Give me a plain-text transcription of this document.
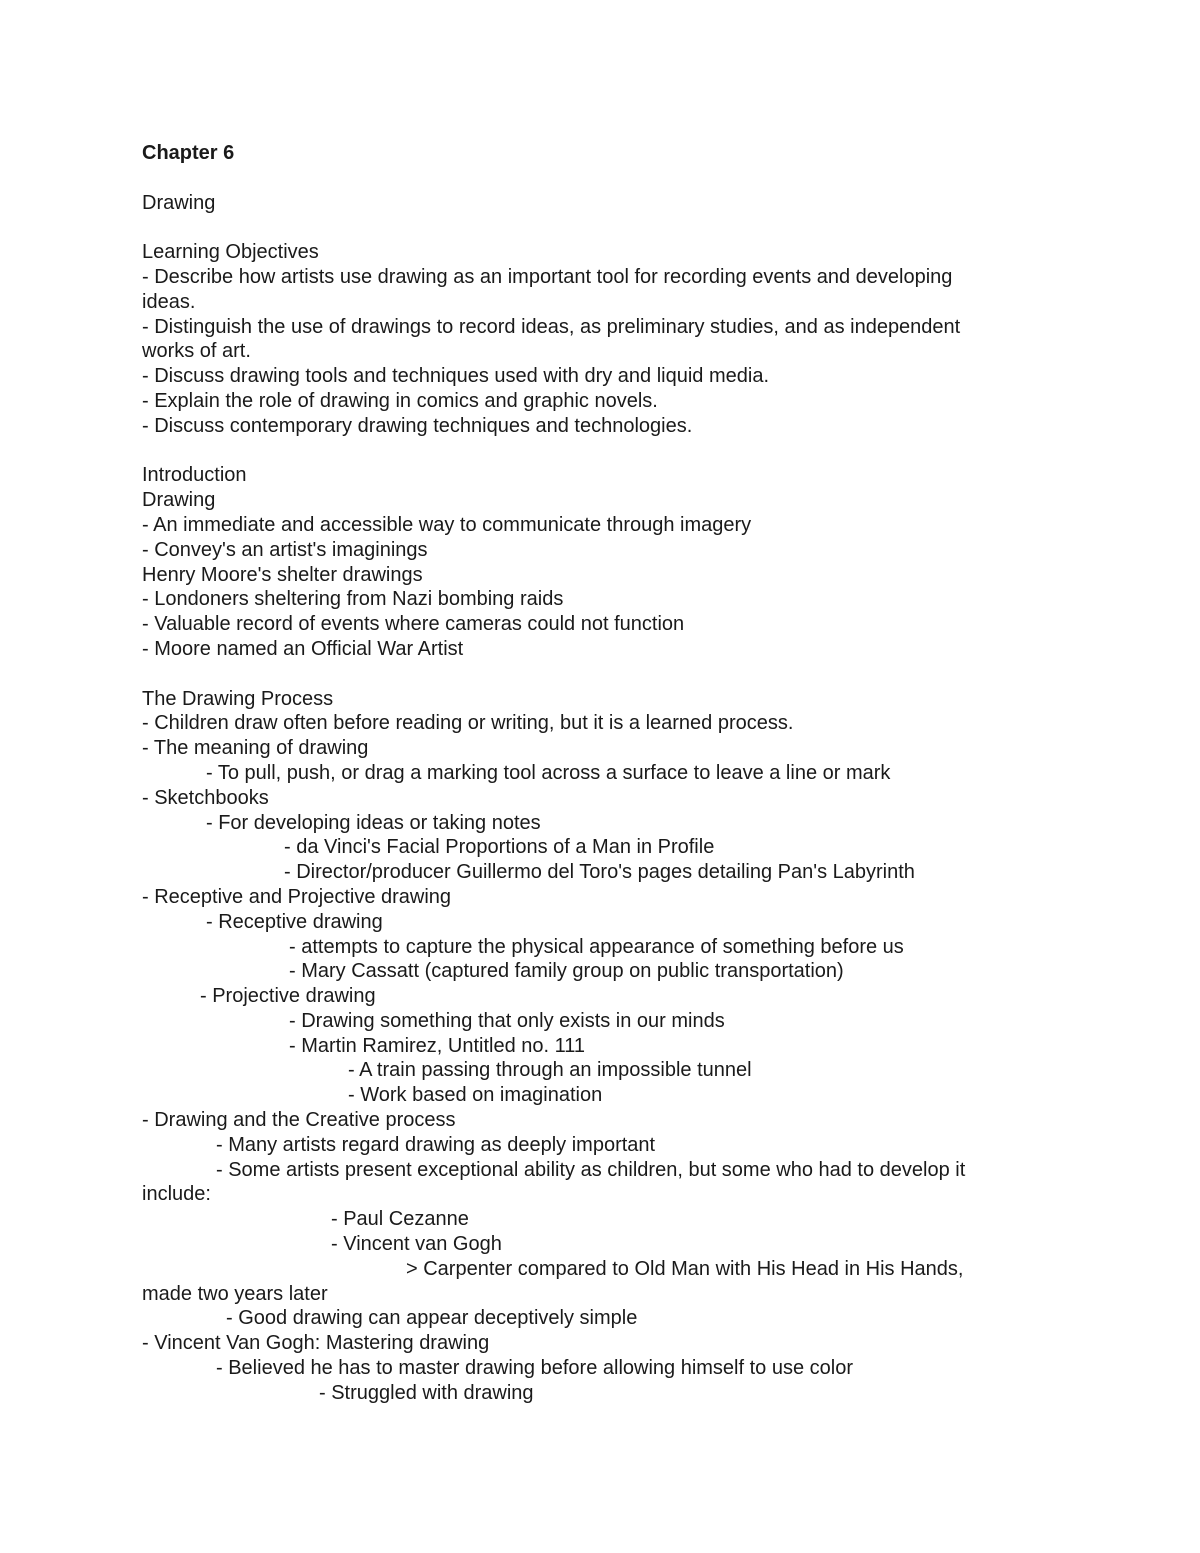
Chapter 6

Drawing

Learning Objectives

- Describe how artists use drawing as an important tool for recording events and developing

ideas.

- Distinguish the use of drawings to record ideas, as preliminary studies, and as independent

works of art.

- Discuss drawing tools and techniques used with dry and liquid media.

- Explain the role of drawing in comics and graphic novels.

- Discuss contemporary drawing techniques and technologies.

Introduction

Drawing

- An immediate and accessible way to communicate through imagery

- Convey's an artist's imaginings

Henry Moore's shelter drawings

- Londoners sheltering from Nazi bombing raids

- Valuable record of events where cameras could not function

- Moore named an Official War Artist

The Drawing Process

- Children draw often before reading or writing, but it is a learned process.

- The meaning of drawing

- To pull, push, or drag a marking tool across a surface to leave a line or mark

- Sketchbooks

- For developing ideas or taking notes

- da Vinci's Facial Proportions of a Man in Profile

- Director/producer Guillermo del Toro's pages detailing Pan's Labyrinth

- Receptive and Projective drawing

- Receptive drawing

- attempts to capture the physical appearance of something before us

- Mary Cassatt (captured family group on public transportation)

- Projective drawing

- Drawing something that only exists in our minds

- Martin Ramirez, Untitled no. 111

- A train passing through an impossible tunnel

- Work based on imagination

- Drawing and the Creative process

- Many artists regard drawing as deeply important

- Some artists present exceptional ability as children, but some who had to develop it

include:

- Paul Cezanne

- Vincent van Gogh

> Carpenter compared to Old Man with His Head in His Hands,

made two years later

- Good drawing can appear deceptively simple

- Vincent Van Gogh: Mastering drawing

- Believed he has to master drawing before allowing himself to use color

- Struggled with drawing
